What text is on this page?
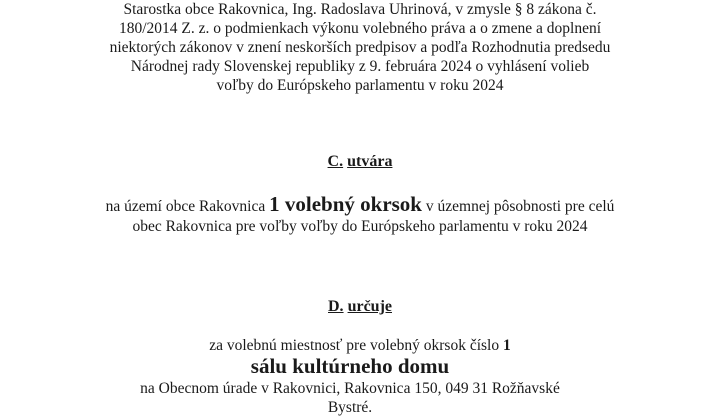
Starostka obce Rakovnica, Ing. Radoslava Uhrinová, v zmysle § 8 zákona č.
180/2014 Z. z. o podmienkach výkonu volebného práva a o zmene a doplnení
niektorých zákonov v znení neskorších predpisov a podľa Rozhodnutia predsedu
Národnej rady Slovenskej republiky z 9. februára 2024 o vyhlásení volieb
voľby do Európskeho parlamentu v roku 2024
C. utvára
na území obce Rakovnica 1 volebný okrsok v územnej pôsobnosti pre celú
obec Rakovnica pre voľby voľby do Európskeho parlamentu v roku 2024
D. určuje
za volebnú miestnosť pre volebný okrsok číslo 1
sálu kultúrneho domu
na Obecnom úrade v Rakovnici, Rakovnica 150, 049 31 Rožňavské
Bystré.
